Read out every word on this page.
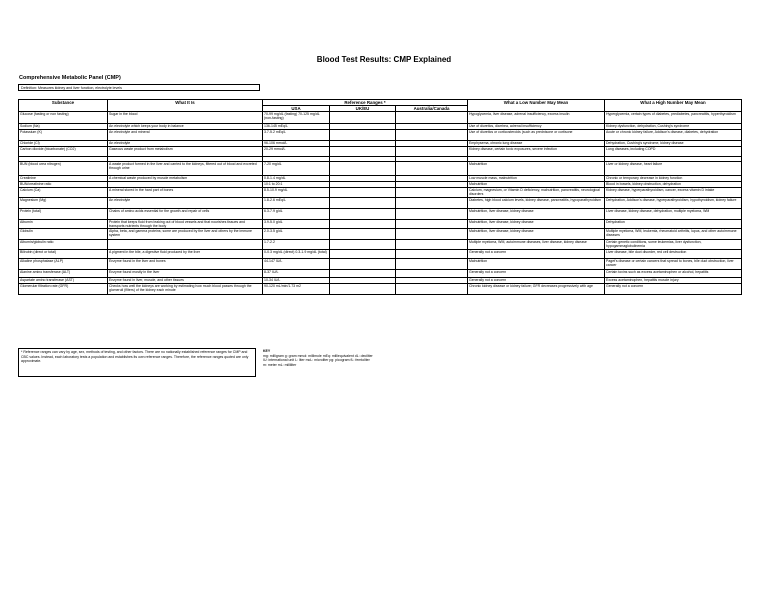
Blood Test Results: CMP Explained
Comprehensive Metabolic Panel (CMP)
Definition: Measures kidney and liver function, electrolyte levels
Substance	What It Is	Reference Ranges *			What a Low Number May Mean	What a High Number May Mean
		USA	UK/EU	Australia/Canada		
Glucose (fasting or non fasting)	Sugar in the blood	70-99 mg/dL (fasting) 70-125 mg/dL (non-fasting)			Hypoglycemia, liver disease, adrenal insufficiency, excess insulin	Hyperglycemia, certain types of diabetes, prediabetes, pancreatitis, hyperthyroidism
Sodium (Na)	An electrolyte which keeps your body in balance	136-145 mEq/L			Use of diuretics, diarrhea, adrenal insufficiency	Kidney dysfunction, dehydration, Cushing's syndrome
Potassium (K)	An electrolyte and mineral	3.7-5.2 mEq/L			Use of diuretics or corticosteroids (such as prednisone or cortisone	Acute or chronic kidney failure, Addison's disease, diabetes, dehydration
Chloride (Cl)	An electrolyte	96-106 mmol/L			Emphysema, chronic lung disease	Dehydration, Cushing's syndrome, kidney disease
Carbon dioxide (bicarbonate) (CO2)	Gaseous waste product from metabolism	20-29 mmol/L			Kidney disease, certain toxic exposures, severe infection	Lung diseases, including COPD

BUN (blood urea nitrogen)	A waste product formed in the liver and carried to the kidneys, filtered out of blood and excreted through urine	7-20 mg/dL			Malnutrition	Liver or kidney disease, heart failure
Creatinine	A chemical waste produced by muscle metabolism	0.8-1.4 mg/dL			Low muscle mass, malnutrition	Chronic or temporary decrease in kidney function
BUN/creatinine ratio		10:1 to 20:1			Malnutrition	Blood in bowels, kidney obstruction, dehydration
Calcium (Ca)	A mineral stored in the hard part of bones	8.5-10.9 mg/dL			Calcium, magnesium, or Vitamin D deficiency, malnutrition, pancreatitis, neurological disorders	Kidney disease, hyperparathyroidism, cancer, excess vitamin D intake
Magnesium (Mg)	An electrolyte	1.8-2.6 mEq/L			Diabetes, high blood calcium levels, kidney disease, pancreatitis, hypoparathyroidism	Dehydration, Addison's disease, hyperparathyroidism, hypothyroidism, kidney failure
Protein (total)	Chains of amino acids essential for the growth and repair of cells	6.3-7.9 g/dL			Malnutrition, liver disease, kidney disease	Liver disease, kidney disease, dehydration, multiple myeloma, WM
Albumin	Protein that keeps fluid from leaking out of blood vessels and that nourishes tissues and transports nutrients through the body	3.9-5.0 g/dL			Malnutrition, liver disease, kidney disease	Dehydration
Globulin	Alpha, beta, and gamma proteins; some are produced by the liver and others by the immune system	2.0-3.5 g/dL			Malnutrition, liver disease, kidney disease	Multiple myeloma, WM, leukemia, rheumatoid arthritis, lupus, and other autoimmune diseases
Albumin/globulin ratio		1.7-2.2			Multiple myeloma, WM, autoimmune diseases, liver disease, kidney disease	Certain genetic conditions, some leukemias, liver dysfunction, hypogammaglobulinemia
Bilirubin (direct or total)	A pigment in the bile, a digestive fluid produced by the liver	0-0.3 mg/dL (direct) 0.3-1.9 mg/dL (total)			Generally not a concern	Liver disease, bile duct disorder, red cell destruction
Alkaline phosphatase (ALP)	Enzyme found in the liver and bones	44-147 IU/L			Malnutrition	Paget's disease or certain cancers that spread to bones, bile duct obstruction, liver cancer
Alanine amino transferase (ALT)	Enzyme found mostly in the liver	8-37 IU/L			Generally not a concern	Certain toxins such as excess acetaminophen or alcohol, hepatitis
Aspartate amino transferase (AST)	Enzyme found in liver, muscle, and other tissues	10-34 IU/L			Generally not a concern	Excess acetaminophen, hepatitis muscle injury
Glomerular filtration rate (GFR)	Checks how well the kidneys are working by estimating how much blood passes through the glomeruli (filters) of the kidney each minute	90-120 mL/min/1.73 m2			Chronic kidney disease or kidney failure; GFR decreases progressively with age	Generally not a concern
* Reference ranges can vary by age, sex, methods of testing, and other factors. There are no nationally established reference ranges for CMP and CBC values. Instead, each laboratory tests a population and establishes its own reference ranges. Therefore, the reference ranges quoted are only approximate.
KEY
mg: milligram g: gram mmol: millimole mEq: milliequivalent dL: deciliter
IU: international unit L: liter mcL: microliter pg: picogram fL: femtoliter
m: meter mL: milliliter
